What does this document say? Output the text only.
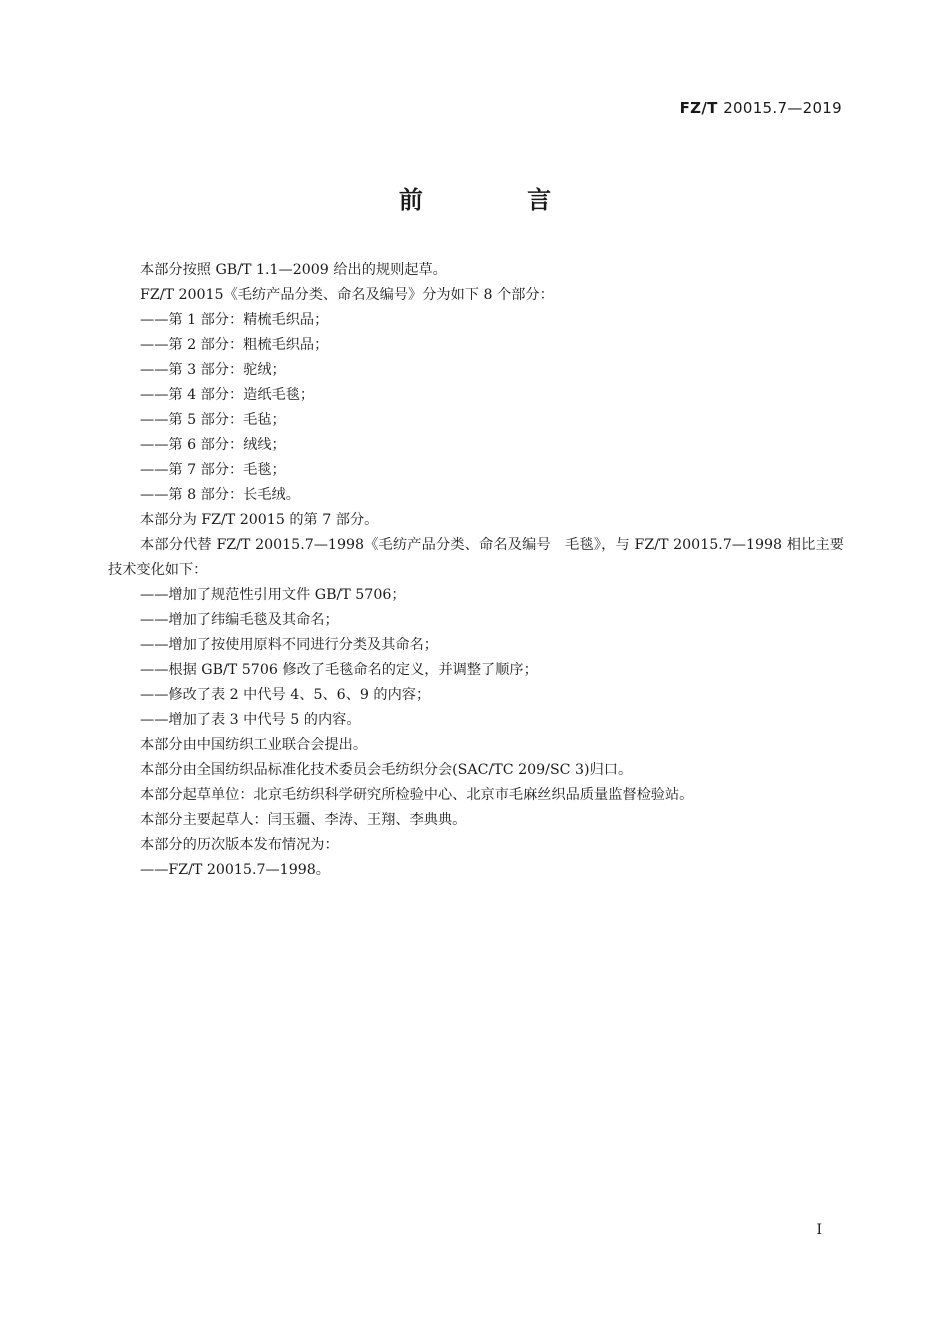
FZ/T 20015.7—2019
前 言

本部分按照 GB/T 1.1—2009 给出的规则起草。

FZ/T 20015《毛纺产品分类、命名及编号》分为如下 8 个部分：

——第 1 部分：精梳毛织品；

——第 2 部分：粗梳毛织品；

——第 3 部分：驼绒；

——第 4 部分：造纸毛毯；

——第 5 部分：毛毡；

——第 6 部分：绒线；

——第 7 部分：毛毯；

——第 8 部分：长毛绒。

本部分为 FZ/T 20015 的第 7 部分。

本部分代替 FZ/T 20015.7—1998《毛纺产品分类、命名及编号　毛毯》，与 FZ/T 20015.7—1998 相比主要技术变化如下：

——增加了规范性引用文件 GB/T 5706；

——增加了纬编毛毯及其命名；

——增加了按使用原料不同进行分类及其命名；

——根据 GB/T 5706 修改了毛毯命名的定义，并调整了顺序；

——修改了表 2 中代号 4、5、6、9 的内容；

——增加了表 3 中代号 5 的内容。

本部分由中国纺织工业联合会提出。

本部分由全国纺织品标准化技术委员会毛纺织分会(SAC/TC 209/SC 3)归口。

本部分起草单位：北京毛纺织科学研究所检验中心、北京市毛麻丝织品质量监督检验站。

本部分主要起草人：闫玉疆、李涛、王翔、李典典。

本部分的历次版本发布情况为：

——FZ/T 20015.7—1998。

I
